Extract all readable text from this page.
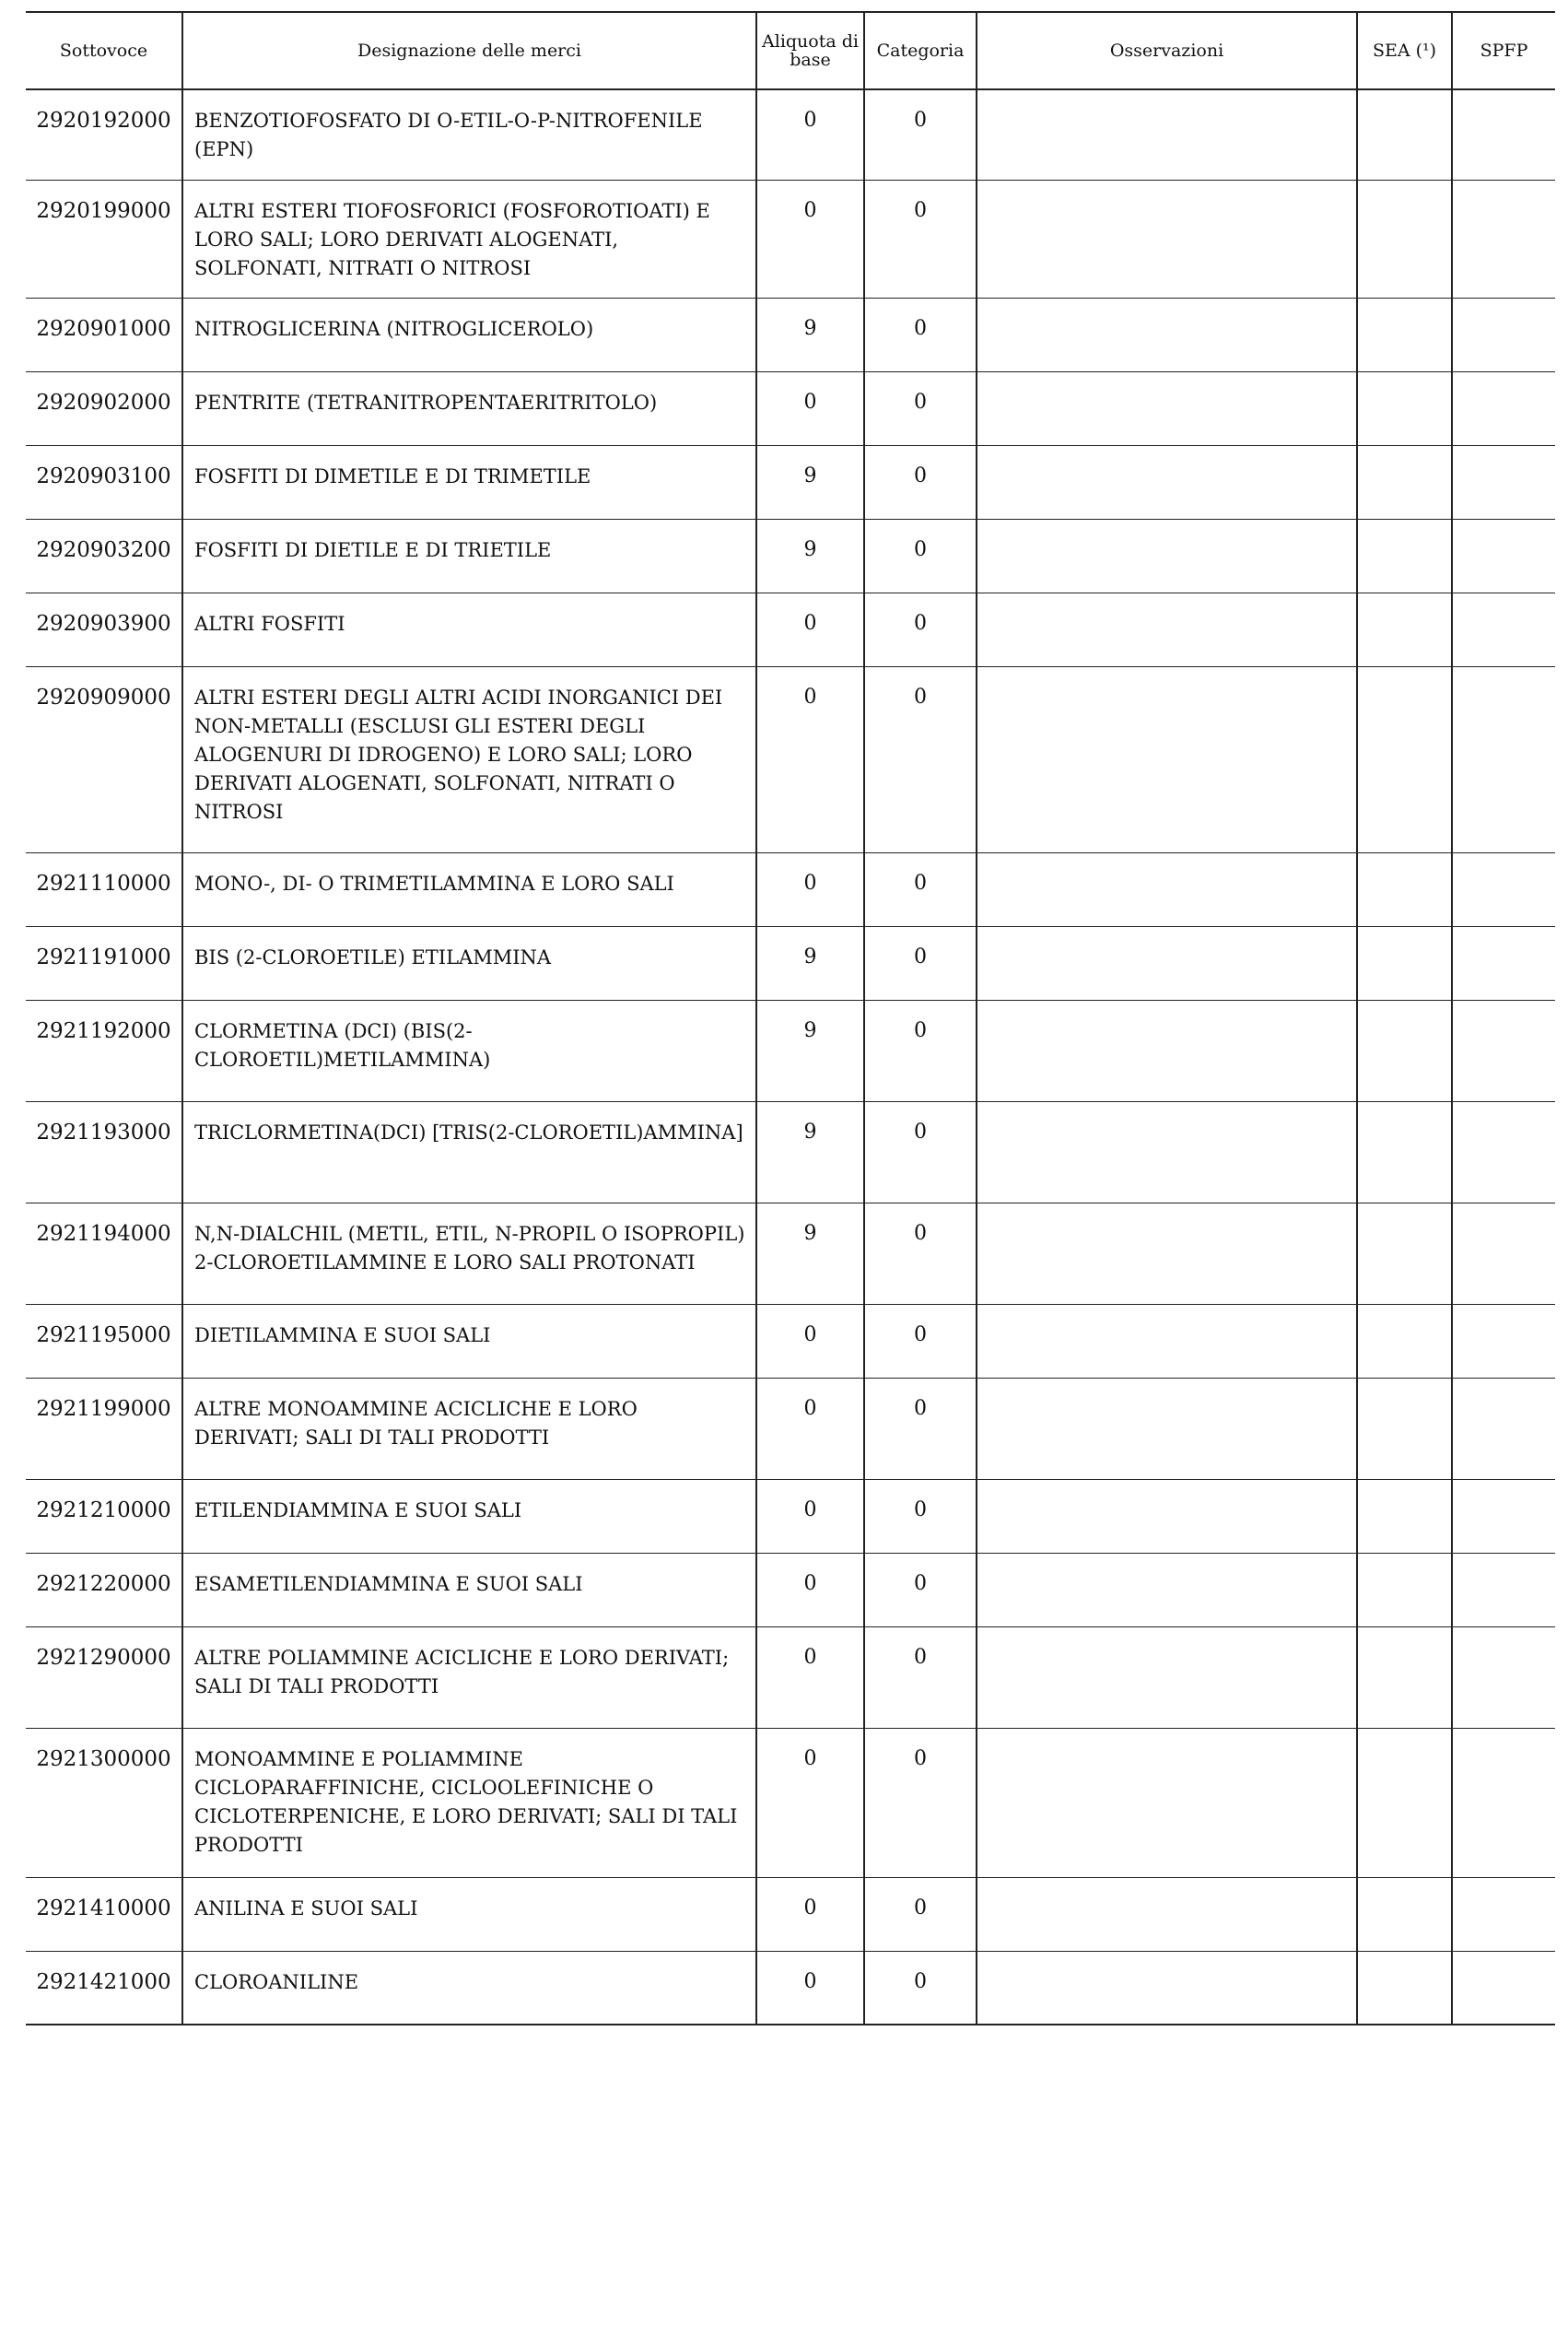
Sottovoce	Designazione delle merci	Aliquota di base	Categoria	Osservazioni	SEA (¹)	SPFP
2920192000	BENZOTIOFOSFATO DI O-ETIL-O-P-NITROFENILE (EPN)	0	0			
2920199000	ALTRI ESTERI TIOFOSFORICI (FOSFOROTIOATI) E LORO SALI; LORO DERIVATI ALOGENATI, SOLFONATI, NITRATI O NITROSI	0	0			
2920901000	NITROGLICERINA (NITROGLICEROLO)	9	0			
2920902000	PENTRITE (TETRANITROPENTAERITRITOLO)	0	0			
2920903100	FOSFITI DI DIMETILE E DI TRIMETILE	9	0			
2920903200	FOSFITI DI DIETILE E DI TRIETILE	9	0			
2920903900	ALTRI FOSFITI	0	0			
2920909000	ALTRI ESTERI DEGLI ALTRI ACIDI INORGANICI DEI NON-METALLI (ESCLUSI GLI ESTERI DEGLI ALOGENURI DI IDROGENO) E LORO SALI; LORO DERIVATI ALOGENATI, SOLFONATI, NITRATI O NITROSI	0	0			
2921110000	MONO-, DI- O TRIMETILAMMINA E LORO SALI	0	0			
2921191000	BIS (2-CLOROETILE) ETILAMMINA	9	0			
2921192000	CLORMETINA (DCI) (BIS(2-CLOROETIL)METILAMMINA)	9	0			
2921193000	TRICLORMETINA(DCI) [TRIS(2-CLOROETIL)AMMINA]	9	0			
2921194000	N,N-DIALCHIL (METIL, ETIL, N-PROPIL O ISOPROPIL) 2-CLOROETILAMMINE E LORO SALI PROTONATI	9	0			
2921195000	DIETILAMMINA E SUOI SALI	0	0			
2921199000	ALTRE MONOAMMINE ACICLICHE E LORO DERIVATI; SALI DI TALI PRODOTTI	0	0			
2921210000	ETILENDIAMMINA E SUOI SALI	0	0			
2921220000	ESAMETILENDIAMMINA E SUOI SALI	0	0			
2921290000	ALTRE POLIAMMINE ACICLICHE E LORO DERIVATI; SALI DI TALI PRODOTTI	0	0			
2921300000	MONOAMMINE E POLIAMMINE CICLOPARAFFINICHE, CICLOOLEFINICHE O CICLOTERPENICHE, E LORO DERIVATI; SALI DI TALI PRODOTTI	0	0			
2921410000	ANILINA E SUOI SALI	0	0			
2921421000	CLOROANILINE	0	0			
